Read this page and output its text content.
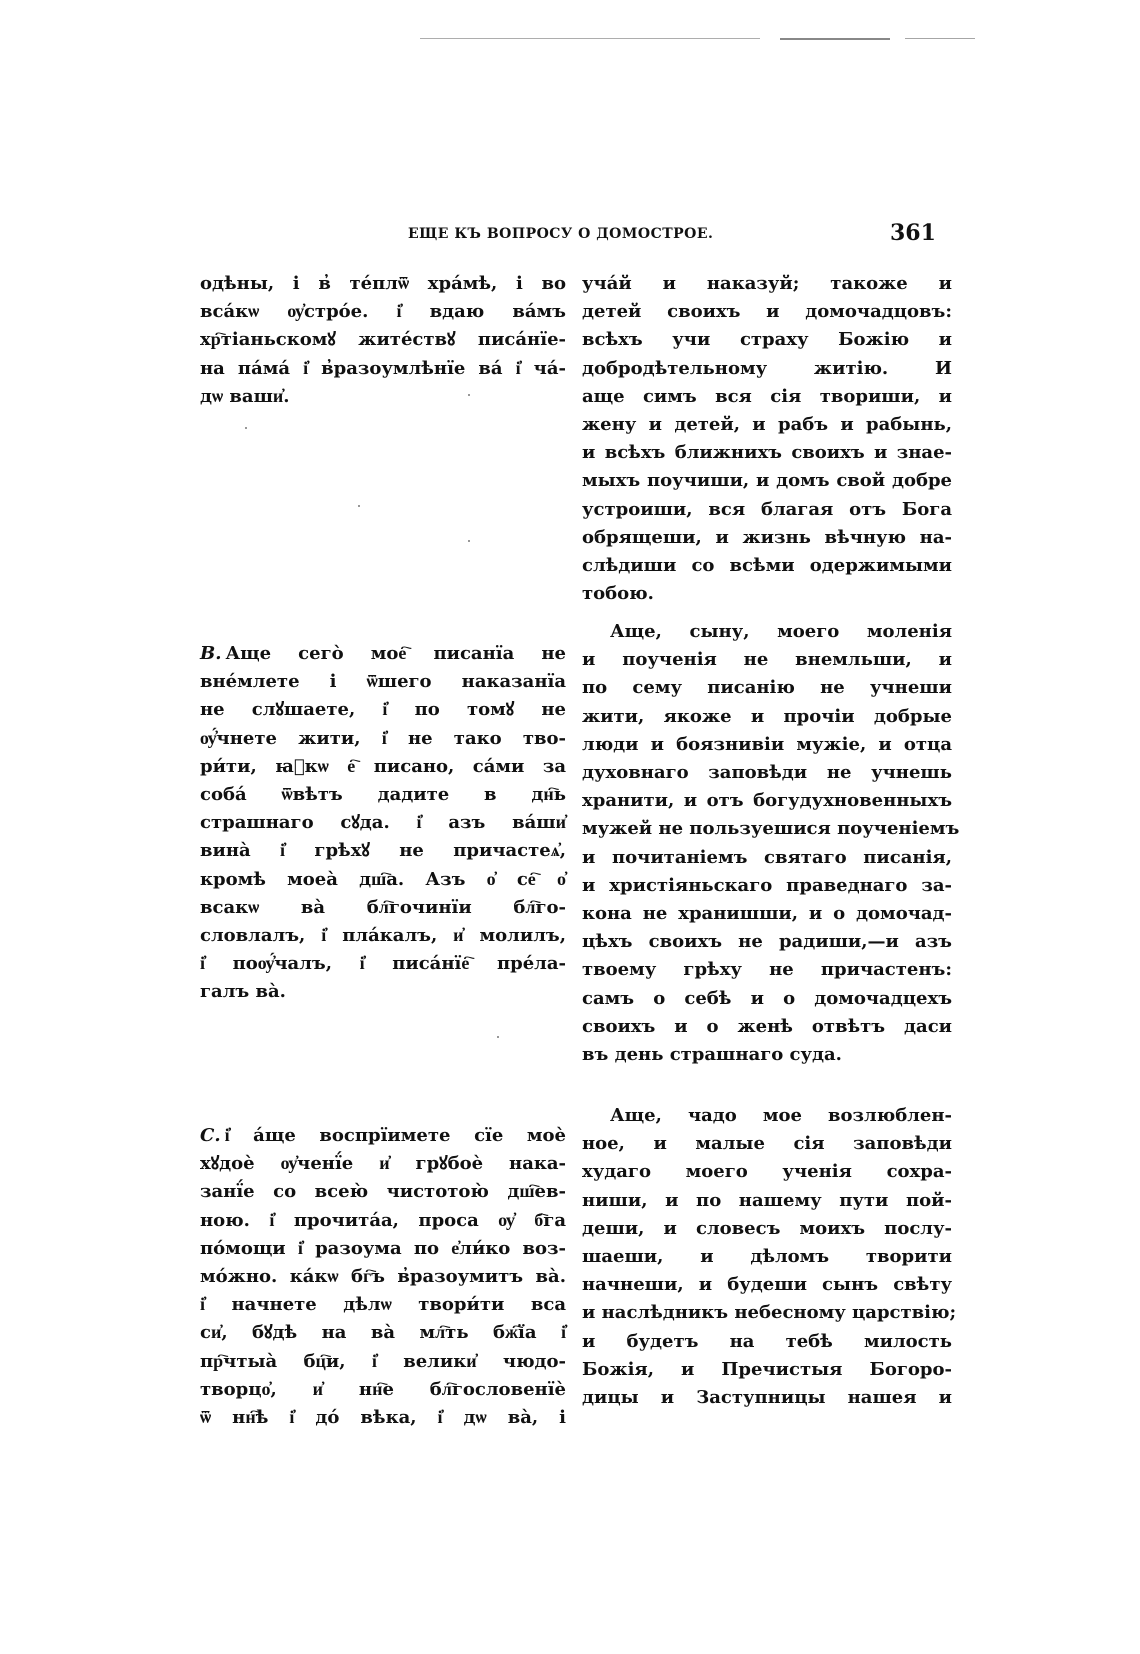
ЕЩЕ КЪ ВОПРОСУ О ДОМОСТРОЕ.	361
одѣны, і в̓ те́плѿ хра́мѣ, і во
вса́кѡ ѹ҆стро́е. і҆ вдаю ва́мъ
хр҇тіаньскомꙋ жите́ствꙋ писа́нїе-
на па́ма́ і҆ в̓разоумлѣнїе ва́ і҆ ча́-
дѡ ваши҆.
В. Аще сего̀ мое҇ писанїа не
вне́млете і ѿшего наказанїа
не слꙋшаете, і҆ по томꙋ не
ѹ҆́чнете жити, і҆ не тако тво-
ри́ти, ꙗ҆кѡ е҇ писано, са́ми за
соба́ ѿвѣтъ дадите в дн҇ь
страшнаго сꙋда. і҆ азъ ва́ши҆
вина̀ і҆ грѣхꙋ не причастеѧ҆,
кромѣ моеа̀ дш҇а. Азъ о҆ се҇ о҆
всакѡ ва̀ бл҇гочинїи бл҇го-
словлалъ, і҆ пла́калъ, и҆ молилъ,
і҆ поѹ҆́чалъ, і҆ писа́нїе҇ пре́ла-
галъ ва̀.
С. і҆ а́ще воспрїимете сїе моѐ
хꙋдоѐ ѹ҆ченї́е и҆ грꙋбоѐ нака-
занї́е со всею̀ чистотою̀ дш҇ев-
ною. і҆ прочита́а, проса ѹ҆ б҇га
по́мощи і҆ разоума по е҆ли́ко воз-
мо́жно. ка́кѡ бг҇ъ в̓разоумитъ ва̀.
і҆ начнете дѣлѡ твори́ти вса
си҆, бꙋдѣ на ва̀ мл҇ть бж҇їа і҆
пр҇чтыа̀ бц҇и, і҆ велики҆ чюдо-
творцо҆, и҆ нн҇е бл҇гословенїѐ
ѿ нн҇ѣ і҆ до́ вѣка, і҆ дѡ ва̀, і
уча́й и наказуй; такоже и
детей своихъ и домочадцовъ:
всѣхъ учи страху Божію и
добродѣтельному житію. И
аще симъ вся сія твориши, и
жену и детей, и рабъ и рабынь,
и всѣхъ ближнихъ своихъ и знае-
мыхъ поучиши, и домъ свой добре
устроиши, вся благая отъ Бога
обрящеши, и жизнь вѣчную на-
слѣдиши со всѣми одержимыми
тобою.
Аще, сыну, моего моленія
и поученія не внемльши, и
по сему писанію не учнеши
жити, якоже и прочіи добрые
люди и боязнивіи мужіе, и отца
духовнаго заповѣди не учнешь
хранити, и отъ богудухновенныхъ
мужей не пользуешися поученіемъ
и почитаніемъ святаго писанія,
и христіяньскаго праведнаго за-
кона не хранишши, и о домочад-
цѣхъ своихъ не радиши,—и азъ
твоему грѣху не причастенъ:
самъ о себѣ и о домочадцехъ
своихъ и о женѣ отвѣтъ даси
въ день страшнаго суда.
Аще, чадо мое возлюблен-
ное, и малые сія заповѣди
худаго моего ученія сохра-
ниши, и по нашему пути пой-
деши, и словесъ моихъ послу-
шаеши, и дѣломъ творити
начнеши, и будеши сынъ свѣту
и наслѣдникъ небесному царствію;
и будетъ на тебѣ милость
Божія, и Пречистыя Богоро-
дицы и Заступницы нашея и
